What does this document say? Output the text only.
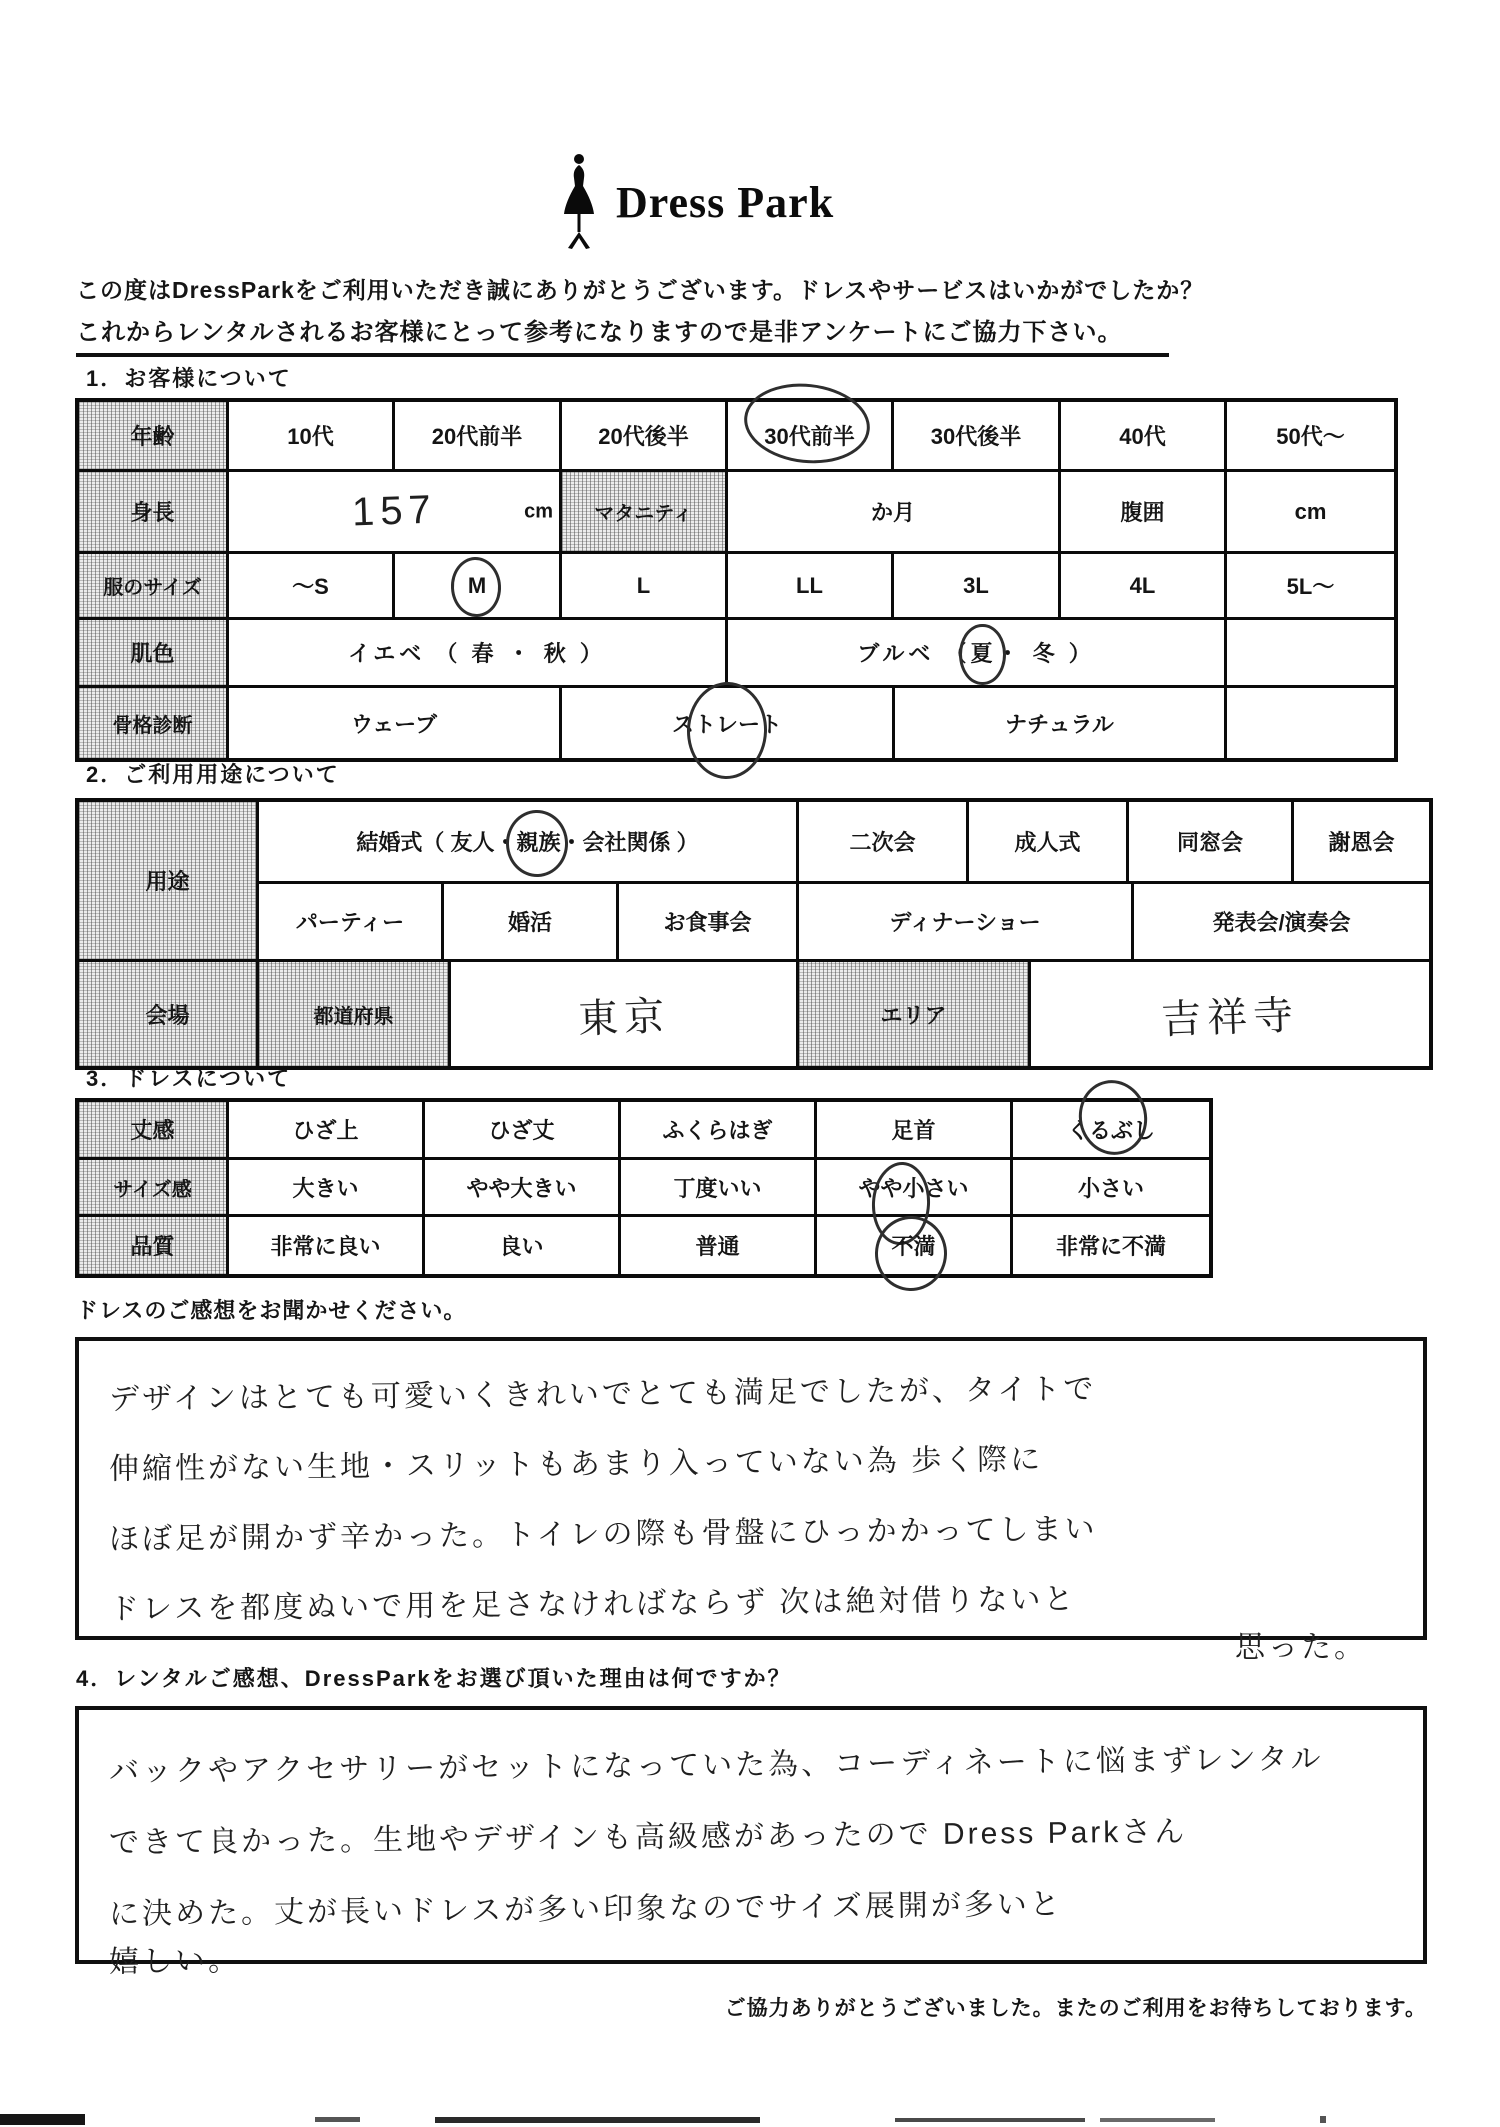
Dress Park
この度はDressParkをご利用いただき誠にありがとうございます。ドレスやサービスはいかがでしたか？
これからレンタルされるお客様にとって参考になりますので是非アンケートにご協力下さい。
1．お客様について
年齢	10代	20代前半	20代後半	30代前半	30代後半	40代	50代～
身長	157	cm	マタニティ	か月	腹囲	cm
服のサイズ	～S	M	L	LL	3L	4L	5L～
肌色	イエベ （ 春 ・ 秋 ）	ブルベ （ 夏 ・ 冬 ）
骨格診断	ウェーブ	ス トレー ト	ナチュラル
2．ご利用用途について
用途
結婚式（ 友人・ 親族 ・会社関係 ）	二次会	成人式	同窓会	謝恩会
パーティー	婚活	お食事会	ディナーショー	発表会/演奏会
会場	都道府県	東京	エリア	吉祥寺
3．ドレスについて
丈感	ひざ上	ひざ丈	ふくらはぎ	足首	く るぶ し
サイズ感	大きい	やや大きい	丁度いい	や や小 さい	小さい
品質	非常に良い	良い	普通	不満	非常に不満
ドレスのご感想をお聞かせください。
デザインはとても可愛いくきれいでとても満足でしたが、タイトで
伸縮性がない生地・スリットもあまり入っていない為 歩く際に
ほぼ足が開かず辛かった。トイレの際も骨盤にひっかかってしまい
ドレスを都度ぬいで用を足さなければならず 次は絶対借りないと
思った。
4．レンタルご感想、DressParkをお選び頂いた理由は何ですか？
バックやアクセサリーがセットになっていた為、コーディネートに悩まずレンタル
できて良かった。生地やデザインも高級感があったので Dress Parkさん
に決めた。丈が長いドレスが多い印象なのでサイズ展開が多いと
嬉しい。
ご協力ありがとうございました。またのご利用をお待ちしております。
